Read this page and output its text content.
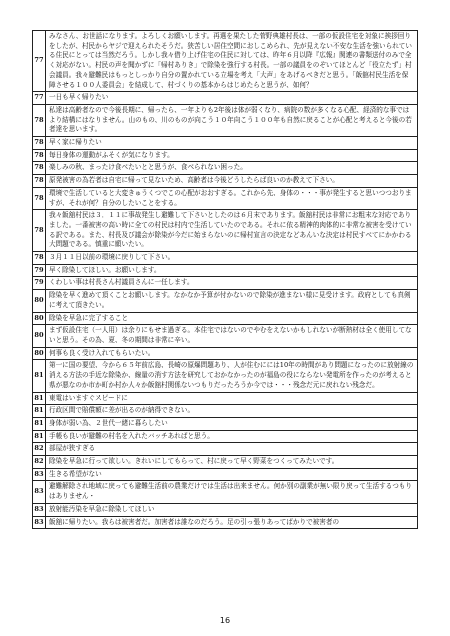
77	みなさん、お世話になります。よろしくお願いします。再選を果たした菅野典雄村長は、一部の仮設住宅を対象に挨拶回りをしたが、村民からヤジで迎えられたそうだ。狭苦しい居住空間におしこめられ、先が見えない不安な生活を強いられている住民にとっては当然だろう。しかし我々借り上げ住宅の住民に対しては、昨年６月以降『広報』関連の書類送付のみで全く対応がない。村民の声を聞かずに「帰村ありき」で除染を強行する村長。一部の議員をのぞいてほとんど「役立たず」村会議員。我々避難民はもっとしっかり自分の置かれている立場を考え「大声」をあげるべきだと思う。「飯舘村民生活を保障させる１００人委員会」を結成して、村づくりの基本からはじめたらと思うが、如何？
77	一日も早く帰りたい
78	私達は高齢者なので今後長期に、帰ったら、一年よりも2年後は体が弱くなり、病院の数が多くなる心配、経済的な事ではより結構にはなりません。山のもの、川のものが向こう１０年向こう１００年も自然に戻ることが心配と考えると今後の若者達を思います。
78	早く家に帰りたい
78	毎日身体の運動がふそくが気になります。
78	楽しみの秋、まったけ食べたいとと思うが、食べられない困った。
78	原発被害の為若者は自宅に帰って見ないため、高齢者は今後どうしたらば良いのか教えて下さい。
78	環境で生活していると大変きゅうくつでこの心配がおおすぎる。これから先、身体の・・・事が発生すると思いつつおりますが、それが何？自分のしたいことをする。
78	我々飯舘村民は３．１１に事故発生し避難して下さいとしたのは６月末であります。飯舘村民は非常にお粗末な対応でありました。一番被害の高い時に全ての村民は村内で生活していたのである。それに依る精神的肉体的に非常な被害を受けている訳である。また、村長及び議会が除染が今だに始まらないのに帰村宣言の決定などあんいな決定は村民すべてにかかわる大問題である。慎重に願いたい。
78	３月１１日以前の環境に戻りして下さい。
79	早く除染してほしい。お願いします。
79	くわしい事は村長さん村議員さんに一任します。
80	除染を早く進めて頂くことお願いします。なかなか予算が付かないので除染が進まない様に見受けます。政府としても真剣に考えて頂きたい。
80	除染を早急に完了すること
80	まず仮設住宅（一人用）は余りにもせま過ぎる。本住宅ではないのでやむをえないかもしれないが断熱材は全く使用してないと思う。その為、夏、冬の期間は非常に辛い。
80	何事も良く受け入れてもらいたい。
81	第一に国の要望、今から６５年前広島、長崎の原爆問題あり、人が住むにには10年の時間があり問題になったのに放射線の消える方法の手近な除染か、線量の消す方法を研究しておかなかったのが福島の役にならない発電所を作ったのが考えると県が悪なのか市か町か村か人々か飯舘村関係ないつもりだったろうか今では・・・残念だ元に戻れない残念だ。
81	東電はいますぐスピードに
81	行政区間で賠償額に差が出るのが納得できない。
81	身体が弱い為、２世代一緒に暮らしたい
81	手帳も良いが避難の村名を入れたバッチあればと思う。
82	部屋が狭すぎる
82	除染を早急に行って欲しい。きれいにしてもらって、村に戻って早く野菜をつくってみたいです。
83	生きる希望がない
83	避難解除され地域に戻っても避難生活前の農業だけでは生活は出来ません。何か別の副業が無い限り戻って生活するつもりはありません・
83	放射能汚染を早急に除染してほしい
83	飯舘に帰りたい。我らは被害者だ。加害者は誰なのだろう。足の引っ張りあってばかりで被害者の
16
